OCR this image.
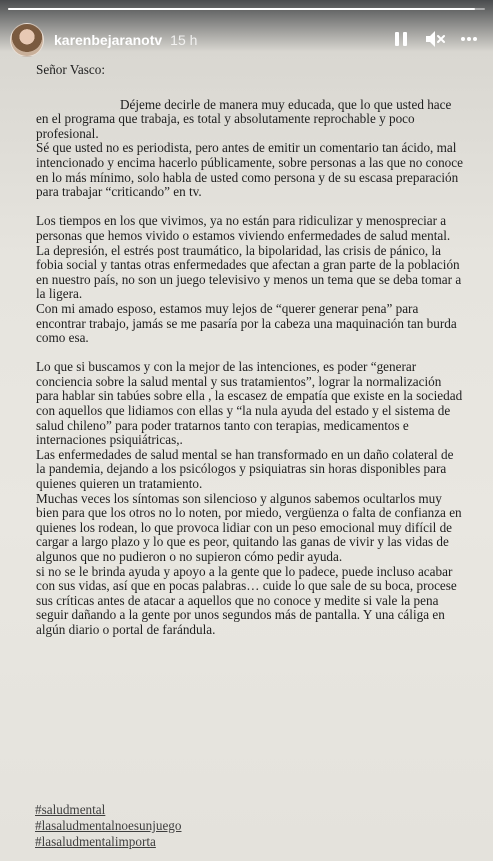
karenbejaranotv 15 h

Señor Vasco:

Déjeme decirle de manera muy educada, que lo que usted hace en el programa que trabaja, es total y absolutamente reprochable y poco profesional.

Sé que usted no es periodista, pero antes de emitir un comentario tan ácido, mal intencionado y encima hacerlo públicamente, sobre personas a las que no conoce en lo más mínimo, solo habla de usted como persona y de su escasa preparación para trabajar “criticando” en tv.

Los tiempos en los que vivimos, ya no están para ridiculizar y menospreciar a personas que hemos vivido o estamos viviendo enfermedades de salud mental.

La depresión, el estrés post traumático, la bipolaridad, las crisis de pánico, la fobia social y tantas otras enfermedades que afectan a gran parte de la población en nuestro país, no son un juego televisivo y menos un tema que se deba tomar a la ligera.

Con mi amado esposo, estamos muy lejos de “querer generar pena” para encontrar trabajo, jamás se me pasaría por la cabeza una maquinación tan burda como esa.

Lo que si buscamos y con la mejor de las intenciones, es poder “generar conciencia sobre la salud mental y sus tratamientos”, lograr la normalización para hablar sin tabúes sobre ella , la escasez de empatía que existe en la sociedad con aquellos que lidiamos con ellas y “la nula ayuda del estado y el sistema de salud chileno” para poder tratarnos tanto con terapias, medicamentos e internaciones psiquiátricas,.

Las enfermedades de salud mental se han transformado en un daño colateral de la pandemia, dejando a los psicólogos y psiquiatras sin horas disponibles para quienes quieren un tratamiento.

Muchas veces los síntomas son silencioso y algunos sabemos ocultarlos muy bien para que los otros no lo noten, por miedo, vergüenza o falta de confianza en quienes los rodean, lo que provoca lidiar con un peso emocional muy difícil de cargar a largo plazo y lo que es peor, quitando las ganas de vivir y las vidas de algunos que no pudieron o no supieron cómo pedir ayuda.

si no se le brinda ayuda y apoyo a la gente que lo padece, puede incluso acabar con sus vidas, así que en pocas palabras… cuide lo que sale de su boca, procese sus críticas antes de atacar a aquellos que no conoce y medite si vale la pena seguir dañando a la gente por unos segundos más de pantalla. Y una cáliga en algún diario o portal de farándula.

#saludmental
#lasaludmentalnoesunjuego
#lasaludmentalimporta
